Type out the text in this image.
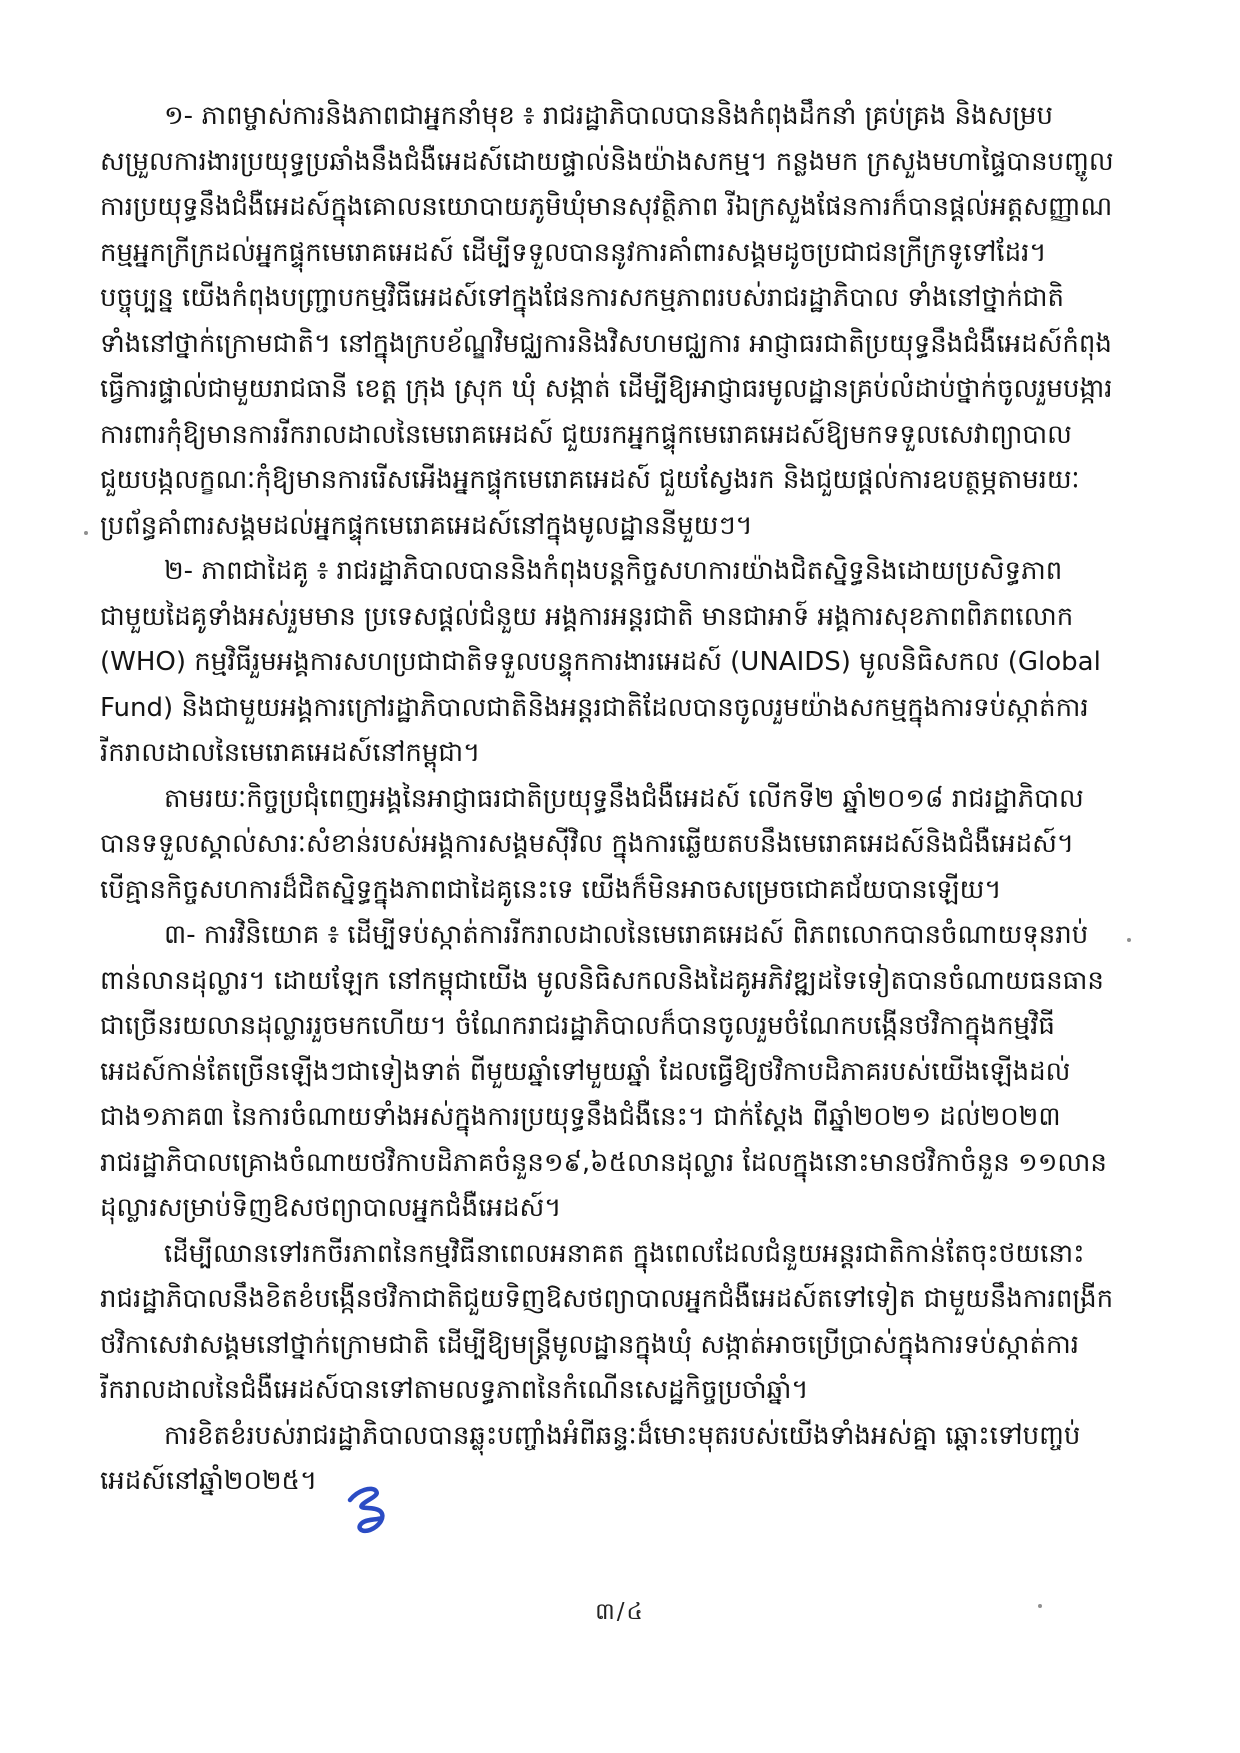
១- ភាពម្ចាស់ការនិងភាពជាអ្នកនាំមុខ ៖ រាជរដ្ឋាភិបាលបាននិងកំពុងដឹកនាំ គ្រប់គ្រង និងសម្រប
សម្រួលការងារប្រយុទ្ធប្រឆាំងនឹងជំងឺអេដស៍ដោយផ្ទាល់និងយ៉ាងសកម្ម។ កន្លងមក ក្រសួងមហាផ្ទៃបានបញ្ចូល
ការប្រយុទ្ធនឹងជំងឺអេដស៍ក្នុងគោលនយោបាយភូមិឃុំមានសុវត្ថិភាព រីឯក្រសួងផែនការក៏បានផ្តល់អត្តសញ្ញាណ
កម្មអ្នកក្រីក្រដល់អ្នកផ្ទុកមេរោគអេដស៍ ដើម្បីទទួលបាននូវការគាំពារសង្គមដូចប្រជាជនក្រីក្រទូទៅដែរ។
បច្ចុប្បន្ន យើងកំពុងបញ្ជ្រាបកម្មវិធីអេដស៍ទៅក្នុងផែនការសកម្មភាពរបស់រាជរដ្ឋាភិបាល ទាំងនៅថ្នាក់ជាតិ
ទាំងនៅថ្នាក់ក្រោមជាតិ។ នៅក្នុងក្របខ័ណ្ឌវិមជ្ឈការនិងវិសហមជ្ឈការ អាជ្ញាធរជាតិប្រយុទ្ធនឹងជំងឺអេដស៍កំពុង
ធ្វើការផ្ទាល់ជាមួយរាជធានី ខេត្ត ក្រុង ស្រុក ឃុំ សង្កាត់ ដើម្បីឱ្យអាជ្ញាធរមូលដ្ឋានគ្រប់លំដាប់ថ្នាក់ចូលរួមបង្ការ
ការពារកុំឱ្យមានការរីករាលដាលនៃមេរោគអេដស៍ ជួយរកអ្នកផ្ទុកមេរោគអេដស៍ឱ្យមកទទួលសេវាព្យាបាល
ជួយបង្កលក្ខណៈកុំឱ្យមានការរើសអើងអ្នកផ្ទុកមេរោគអេដស៍ ជួយស្វែងរក និងជួយផ្តល់ការឧបត្ថម្ភតាមរយៈ
ប្រព័ន្ធគាំពារសង្គមដល់អ្នកផ្ទុកមេរោគអេដស៍នៅក្នុងមូលដ្ឋាននីមួយៗ។
២- ភាពជាដៃគូ ៖ រាជរដ្ឋាភិបាលបាននិងកំពុងបន្តកិច្ចសហការយ៉ាងជិតស្និទ្ធនិងដោយប្រសិទ្ធភាព
ជាមួយដៃគូទាំងអស់រួមមាន ប្រទេសផ្តល់ជំនួយ អង្គការអន្តរជាតិ មានជាអាទ៍ អង្គការសុខភាពពិភពលោក
(WHO) កម្មវិធីរួមអង្គការសហប្រជាជាតិទទួលបន្ទុកការងារអេដស៍ (UNAIDS) មូលនិធិសកល (Global
Fund) និងជាមួយអង្គការក្រៅរដ្ឋាភិបាលជាតិនិងអន្តរជាតិដែលបានចូលរួមយ៉ាងសកម្មក្នុងការទប់ស្កាត់ការ
រីករាលដាលនៃមេរោគអេដស៍នៅកម្ពុជា។
តាមរយៈកិច្ចប្រជុំពេញអង្គនៃអាជ្ញាធរជាតិប្រយុទ្ធនឹងជំងឺអេដស៍ លើកទី២ ឆ្នាំ២០១៨ រាជរដ្ឋាភិបាល
បានទទួលស្គាល់សារៈសំខាន់របស់អង្គការសង្គមស៊ីវិល ក្នុងការឆ្លើយតបនឹងមេរោគអេដស៍និងជំងឺអេដស៍។
បើគ្មានកិច្ចសហការដ៏ជិតស្និទ្ធក្នុងភាពជាដៃគូនេះទេ យើងក៏មិនអាចសម្រេចជោគជ័យបានឡើយ។
៣- ការវិនិយោគ ៖ ដើម្បីទប់ស្កាត់ការរីករាលដាលនៃមេរោគអេដស៍ ពិភពលោកបានចំណាយទុនរាប់
ពាន់លានដុល្លារ។ ដោយឡែក នៅកម្ពុជាយើង មូលនិធិសកលនិងដៃគូអភិវឌ្ឍដទៃទៀតបានចំណាយធនធាន
ជាច្រើនរយលានដុល្លាររួចមកហើយ។ ចំណែករាជរដ្ឋាភិបាលក៏បានចូលរួមចំណែកបង្កើនថវិកាក្នុងកម្មវិធី
អេដស៍កាន់តែច្រើនឡើងៗជាទៀងទាត់ ពីមួយឆ្នាំទៅមួយឆ្នាំ ដែលធ្វើឱ្យថវិកាបដិភាគរបស់យើងឡើងដល់
ជាង១ភាគ៣ នៃការចំណាយទាំងអស់ក្នុងការប្រយុទ្ធនឹងជំងឺនេះ។ ជាក់ស្តែង ពីឆ្នាំ២០២១ ដល់២០២៣
រាជរដ្ឋាភិបាលគ្រោងចំណាយថវិកាបដិភាគចំនួន១៩,៦៥លានដុល្លារ ដែលក្នុងនោះមានថវិកាចំនួន ១១លាន
ដុល្លារសម្រាប់ទិញឱសថព្យាបាលអ្នកជំងឺអេដស៍។
ដើម្បីឈានទៅរកចីរភាពនៃកម្មវិធីនាពេលអនាគត ក្នុងពេលដែលជំនួយអន្តរជាតិកាន់តែចុះថយនោះ
រាជរដ្ឋាភិបាលនឹងខិតខំបង្កើនថវិកាជាតិជួយទិញឱសថព្យាបាលអ្នកជំងឺអេដស៍តទៅទៀត ជាមួយនឹងការពង្រីក
ថវិកាសេវាសង្គមនៅថ្នាក់ក្រោមជាតិ ដើម្បីឱ្យមន្ត្រីមូលដ្ឋានក្នុងឃុំ សង្កាត់អាចប្រើប្រាស់ក្នុងការទប់ស្កាត់ការ
រីករាលដាលនៃជំងឺអេដស៍បានទៅតាមលទ្ធភាពនៃកំណើនសេដ្ឋកិច្ចប្រចាំឆ្នាំ។
ការខិតខំរបស់រាជរដ្ឋាភិបាលបានឆ្លុះបញ្ចាំងអំពីឆន្ទៈដ៏មោះមុតរបស់យើងទាំងអស់គ្នា ឆ្ពោះទៅបញ្ចប់
អេដស៍នៅឆ្នាំ២០២៥។
៣/៤
